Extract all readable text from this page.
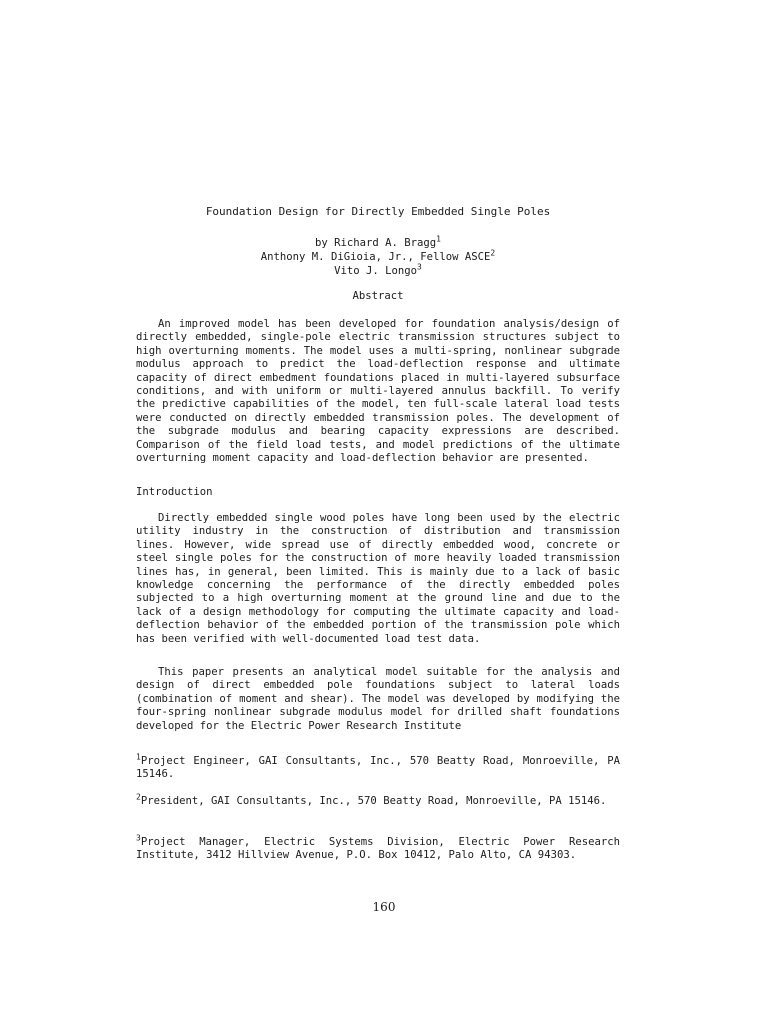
Foundation Design for Directly Embedded Single Poles
by Richard A. Bragg$^1$
Anthony M. DiGioia, Jr., Fellow ASCE$^2$
Vito J. Longo$^3$
Abstract

An improved model has been developed for foundation analysis/design of directly embedded, single-pole electric transmission structures subject to high overturning moments. The model uses a multi-spring, nonlinear subgrade modulus approach to predict the load-deflection response and ultimate capacity of direct embedment foundations placed in multi-layered subsurface conditions, and with uniform or multi-layered annulus backfill. To verify the predictive capabilities of the model, ten full-scale lateral load tests were conducted on directly embedded transmission poles. The development of the subgrade modulus and bearing capacity expressions are described. Comparison of the field load tests, and model predictions of the ultimate overturning moment capacity and load-deflection behavior are presented.

Introduction

Directly embedded single wood poles have long been used by the electric utility industry in the construction of distribution and transmission lines. However, wide spread use of directly embedded wood, concrete or steel single poles for the construction of more heavily loaded transmission lines has, in general, been limited. This is mainly due to a lack of basic knowledge concerning the performance of the directly embedded poles subjected to a high overturning moment at the ground line and due to the lack of a design methodology for computing the ultimate capacity and load-deflection behavior of the embedded portion of the transmission pole which has been verified with well-documented load test data.

This paper presents an analytical model suitable for the analysis and design of direct embedded pole foundations subject to lateral loads (combination of moment and shear). The model was developed by modifying the four-spring nonlinear subgrade modulus model for drilled shaft foundations developed for the Electric Power Research Institute

$^1$Project Engineer, GAI Consultants, Inc., 570 Beatty Road, Monroeville, PA 15146.

$^2$President, GAI Consultants, Inc., 570 Beatty Road, Monroeville, PA 15146.

$^3$Project Manager, Electric Systems Division, Electric Power Research Institute, 3412 Hillview Avenue, P.O. Box 10412, Palo Alto, CA 94303.

160
